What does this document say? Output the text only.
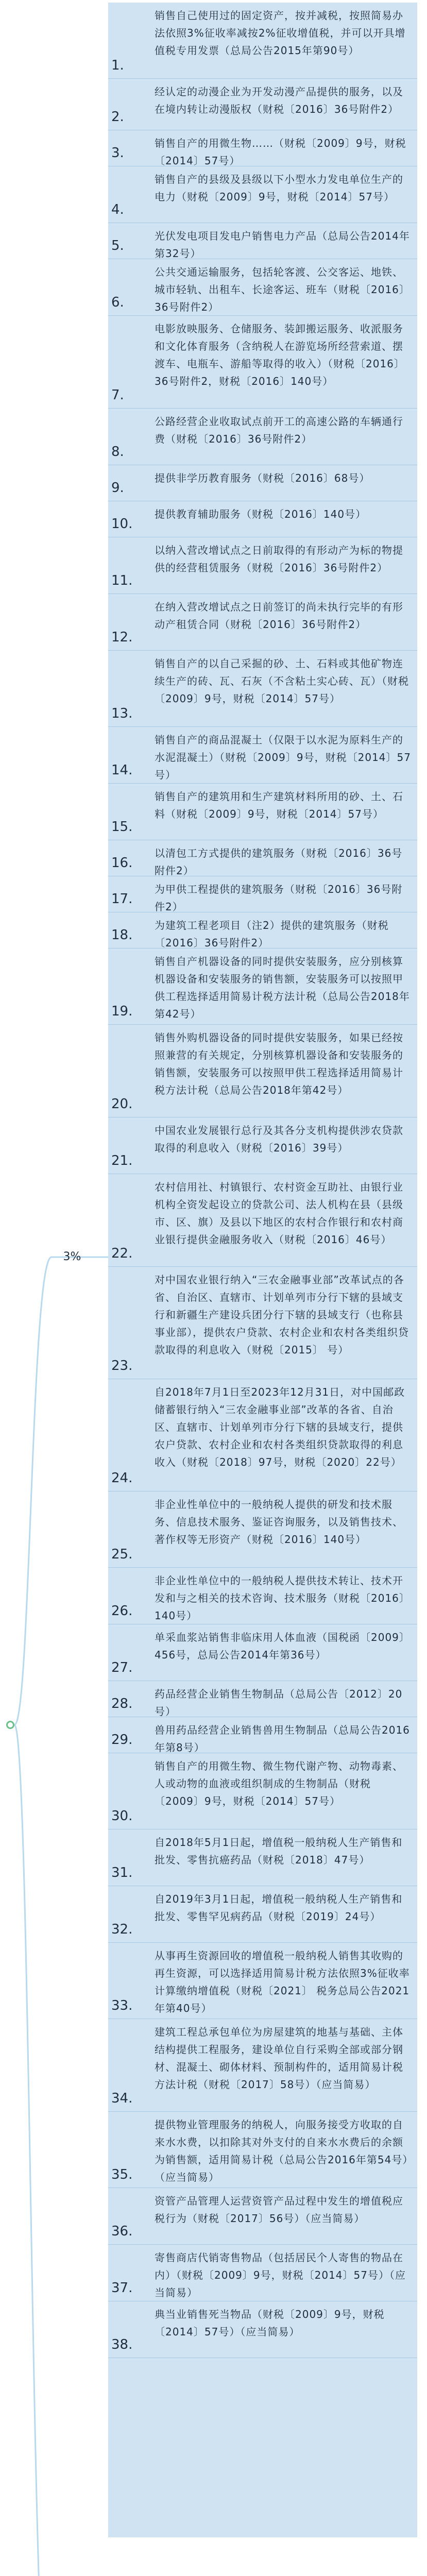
3%
1.
销售自己使用过的固定资产，按并减税，按照简易办法依照3%征收率减按2%征收增值税，并可以开具增值税专用发票（总局公告2015年第90号）
2.
经认定的动漫企业为开发动漫产品提供的服务，以及在境内转让动漫版权（财税〔2016〕36号附件2）
3.
销售自产的用微生物……（财税〔2009〕9号，财税〔2014〕57号）
4.
销售自产的县级及县级以下小型水力发电单位生产的电力（财税〔2009〕9号，财税〔2014〕57号）
5.
光伏发电项目发电户销售电力产品（总局公告2014年第32号）
6.
公共交通运输服务，包括轮客渡、公交客运、地铁、城市轻轨、出租车、长途客运、班车（财税〔2016〕36号附件2）
7.
电影放映服务、仓储服务、装卸搬运服务、收派服务和文化体育服务（含纳税人在游览场所经营索道、摆渡车、电瓶车、游船等取得的收入）（财税〔2016〕36号附件2，财税〔2016〕140号）
8.
公路经营企业收取试点前开工的高速公路的车辆通行费（财税〔2016〕36号附件2）
9.
提供非学历教育服务（财税〔2016〕68号）
10.
提供教育辅助服务（财税〔2016〕140号）
11.
以纳入营改增试点之日前取得的有形动产为标的物提供的经营租赁服务（财税〔2016〕36号附件2）
12.
在纳入营改增试点之日前签订的尚未执行完毕的有形动产租赁合同（财税〔2016〕36号附件2）
13.
销售自产的以自己采掘的砂、土、石料或其他矿物连续生产的砖、瓦、石灰（不含粘土实心砖、瓦）（财税〔2009〕9号，财税〔2014〕57号）
14.
销售自产的商品混凝土（仅限于以水泥为原料生产的水泥混凝土）（财税〔2009〕9号，财税〔2014〕57号）
15.
销售自产的建筑用和生产建筑材料所用的砂、土、石料（财税〔2009〕9号，财税〔2014〕57号）
16.
以清包工方式提供的建筑服务（财税〔2016〕36号附件2）
17.
为甲供工程提供的建筑服务（财税〔2016〕36号附件2）
18.
为建筑工程老项目（注2）提供的建筑服务（财税〔2016〕36号附件2）
19.
销售自产机器设备的同时提供安装服务，应分别核算机器设备和安装服务的销售额，安装服务可以按照甲供工程选择适用简易计税方法计税（总局公告2018年第42号）
20.
销售外购机器设备的同时提供安装服务，如果已经按照兼营的有关规定，分别核算机器设备和安装服务的销售额，安装服务可以按照甲供工程选择适用简易计税方法计税（总局公告2018年第42号）
21.
中国农业发展银行总行及其各分支机构提供涉农贷款取得的利息收入（财税〔2016〕39号）
22.
农村信用社、村镇银行、农村资金互助社、由银行业机构全资发起设立的贷款公司、法人机构在县（县级市、区、旗）及县以下地区的农村合作银行和农村商业银行提供金融服务收入（财税〔2016〕46号）
23.
对中国农业银行纳入“三农金融事业部”改革试点的各省、自治区、直辖市、计划单列市分行下辖的县域支行和新疆生产建设兵团分行下辖的县域支行（也称县事业部），提供农户贷款、农村企业和农村各类组织贷款取得的利息收入（财税〔2015〕 号）
24.
自2018年7月1日至2023年12月31日，对中国邮政储蓄银行纳入“三农金融事业部”改革的各省、自治区、直辖市、计划单列市分行下辖的县域支行，提供农户贷款、农村企业和农村各类组织贷款取得的利息收入（财税〔2018〕97号，财税〔2020〕22号）
25.
非企业性单位中的一般纳税人提供的研发和技术服务、信息技术服务、鉴证咨询服务，以及销售技术、著作权等无形资产（财税〔2016〕140号）
26.
非企业性单位中的一般纳税人提供技术转让、技术开发和与之相关的技术咨询、技术服务（财税〔2016〕140号）
27.
单采血浆站销售非临床用人体血液（国税函〔2009〕456号，总局公告2014年第36号）
28.
药品经营企业销售生物制品（总局公告〔2012〕20号）
29.
兽用药品经营企业销售兽用生物制品（总局公告2016年第8号）
30.
销售自产的用微生物、微生物代谢产物、动物毒素、人或动物的血液或组织制成的生物制品（财税〔2009〕9号，财税〔2014〕57号）
31.
自2018年5月1日起，增值税一般纳税人生产销售和批发、零售抗癌药品（财税〔2018〕47号）
32.
自2019年3月1日起，增值税一般纳税人生产销售和批发、零售罕见病药品（财税〔2019〕24号）
33.
从事再生资源回收的增值税一般纳税人销售其收购的再生资源，可以选择适用简易计税方法依照3%征收率计算缴纳增值税（财税〔2021〕 税务总局公告2021年第40号）
34.
建筑工程总承包单位为房屋建筑的地基与基础、主体结构提供工程服务，建设单位自行采购全部或部分钢材、混凝土、砌体材料、预制构件的，适用简易计税方法计税（财税〔2017〕58号）（应当简易）
35.
提供物业管理服务的纳税人，向服务接受方收取的自来水水费，以扣除其对外支付的自来水水费后的余额为销售额，适用简易计税（总局公告2016年第54号）（应当简易）
36.
资管产品管理人运营资管产品过程中发生的增值税应税行为（财税〔2017〕56号）（应当简易）
37.
寄售商店代销寄售物品（包括居民个人寄售的物品在内）（财税〔2009〕9号，财税〔2014〕57号）（应当简易）
38.
典当业销售死当物品（财税〔2009〕9号，财税〔2014〕57号）（应当简易）
